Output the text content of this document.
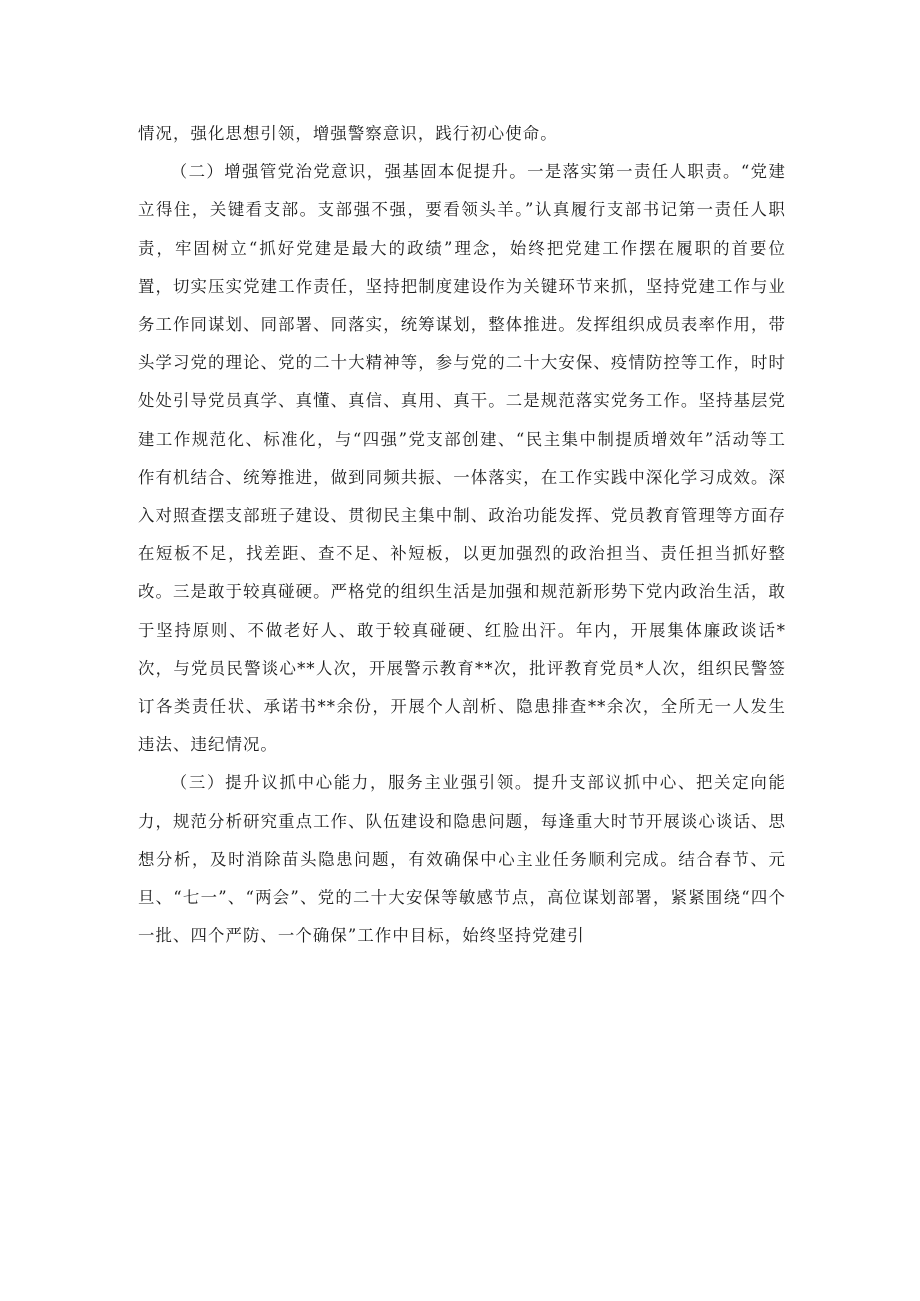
情况，强化思想引领，增强警察意识，践行初心使命。

（二）增强管党治党意识，强基固本促提升。一是落实第一责任人职责。“党建立得住，关键看支部。支部强不强，要看领头羊。”认真履行支部书记第一责任人职责，牢固树立“抓好党建是最大的政绩”理念，始终把党建工作摆在履职的首要位置，切实压实党建工作责任，坚持把制度建设作为关键环节来抓，坚持党建工作与业务工作同谋划、同部署、同落实，统筹谋划，整体推进。发挥组织成员表率作用，带头学习党的理论、党的二十大精神等，参与党的二十大安保、疫情防控等工作，时时处处引导党员真学、真懂、真信、真用、真干。二是规范落实党务工作。坚持基层党建工作规范化、标准化，与“四强”党支部创建、“民主集中制提质增效年”活动等工作有机结合、统筹推进，做到同频共振、一体落实，在工作实践中深化学习成效。深入对照查摆支部班子建设、贯彻民主集中制、政治功能发挥、党员教育管理等方面存在短板不足，找差距、查不足、补短板，以更加强烈的政治担当、责任担当抓好整改。三是敢于较真碰硬。严格党的组织生活是加强和规范新形势下党内政治生活，敢于坚持原则、不做老好人、敢于较真碰硬、红脸出汗。年内，开展集体廉政谈话*次，与党员民警谈心**人次，开展警示教育**次，批评教育党员*人次，组织民警签订各类责任状、承诺书**余份，开展个人剖析、隐患排查**余次，全所无一人发生违法、违纪情况。

（三）提升议抓中心能力，服务主业强引领。提升支部议抓中心、把关定向能力，规范分析研究重点工作、队伍建设和隐患问题，每逢重大时节开展谈心谈话、思想分析，及时消除苗头隐患问题，有效确保中心主业任务顺利完成。结合春节、元旦、“七一”、“两会”、党的二十大安保等敏感节点，高位谋划部署，紧紧围绕“四个一批、四个严防、一个确保”工作中目标，始终坚持党建引
